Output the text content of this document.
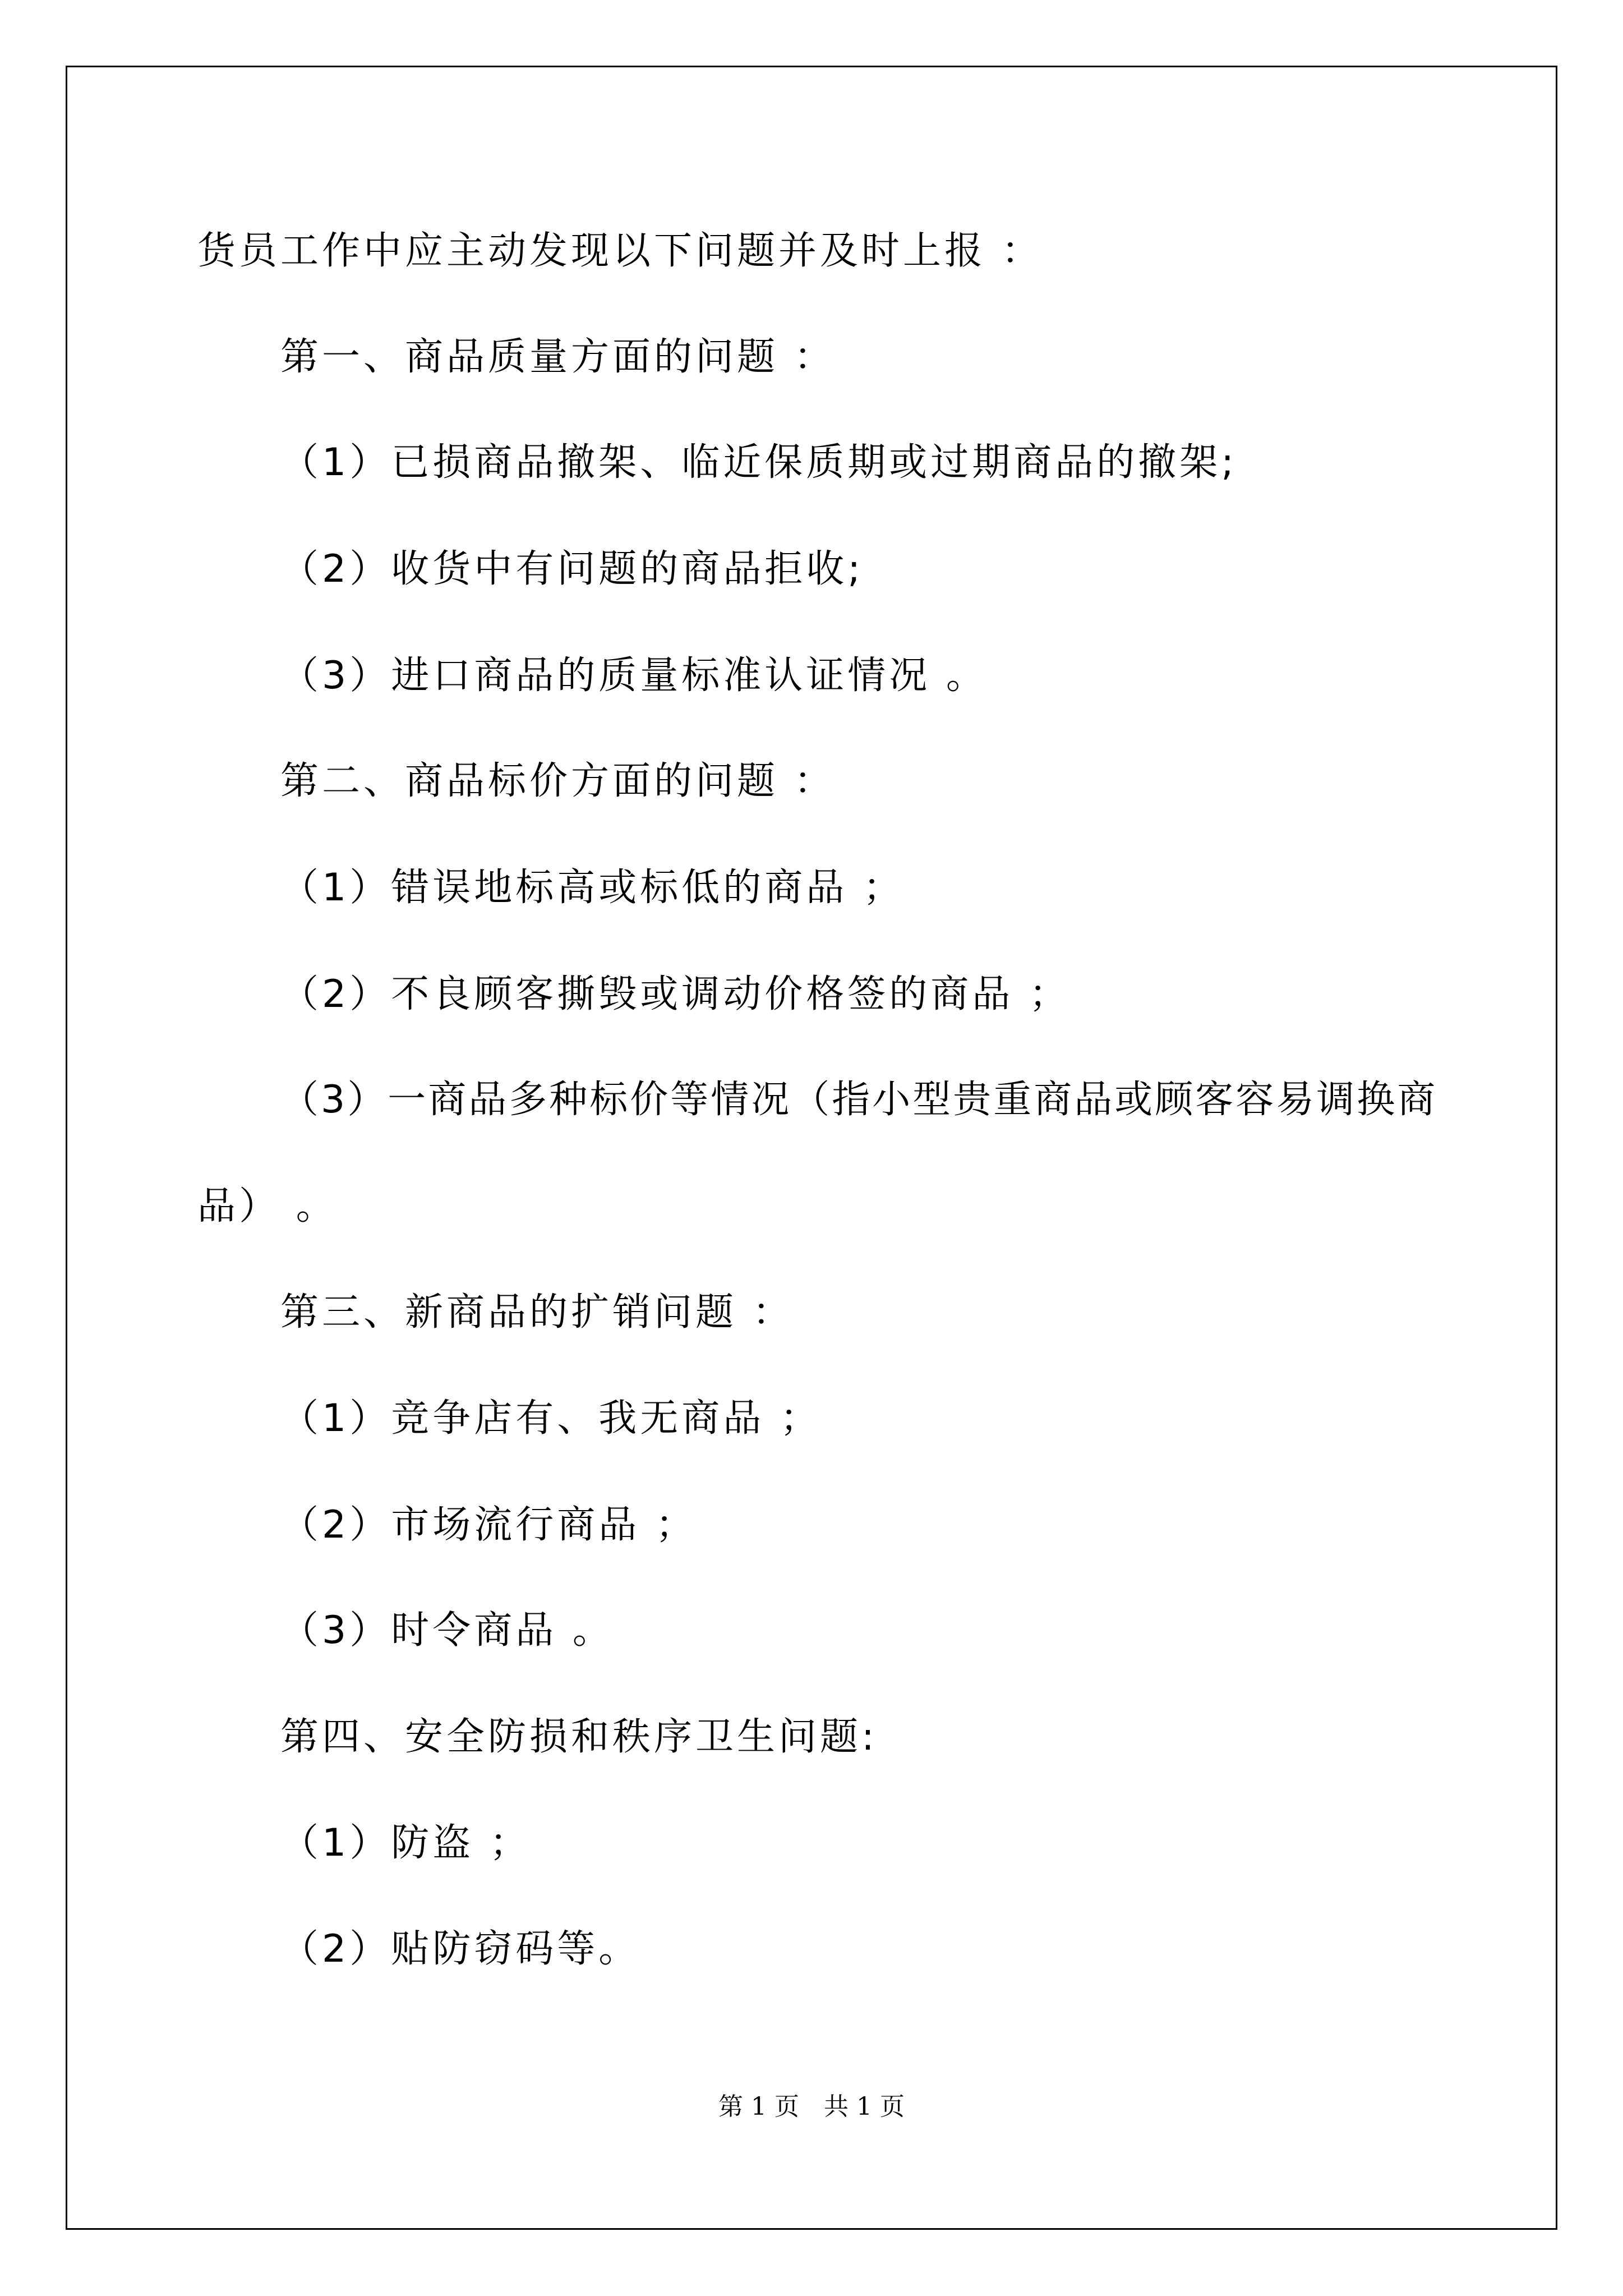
货员工作中应主动发现以下问题并及时上报 ：

第一、商品质量方面的问题 ：

（1）已损商品撤架、临近保质期或过期商品的撤架;

（2）收货中有问题的商品拒收;

（3）进口商品的质量标准认证情况 。

第二、商品标价方面的问题 ：

（1）错误地标高或标低的商品 ；

（2）不良顾客撕毁或调动价格签的商品 ；

（3）一商品多种标价等情况（指小型贵重商品或顾客容易调换商

品） 。

第三、新商品的扩销问题 ：

（1）竞争店有、我无商品 ；

（2）市场流行商品 ；

（3）时令商品 。

第四、安全防损和秩序卫生问题:

（1）防盗 ；

（2）贴防窃码等。

第 1 页　共 1 页
